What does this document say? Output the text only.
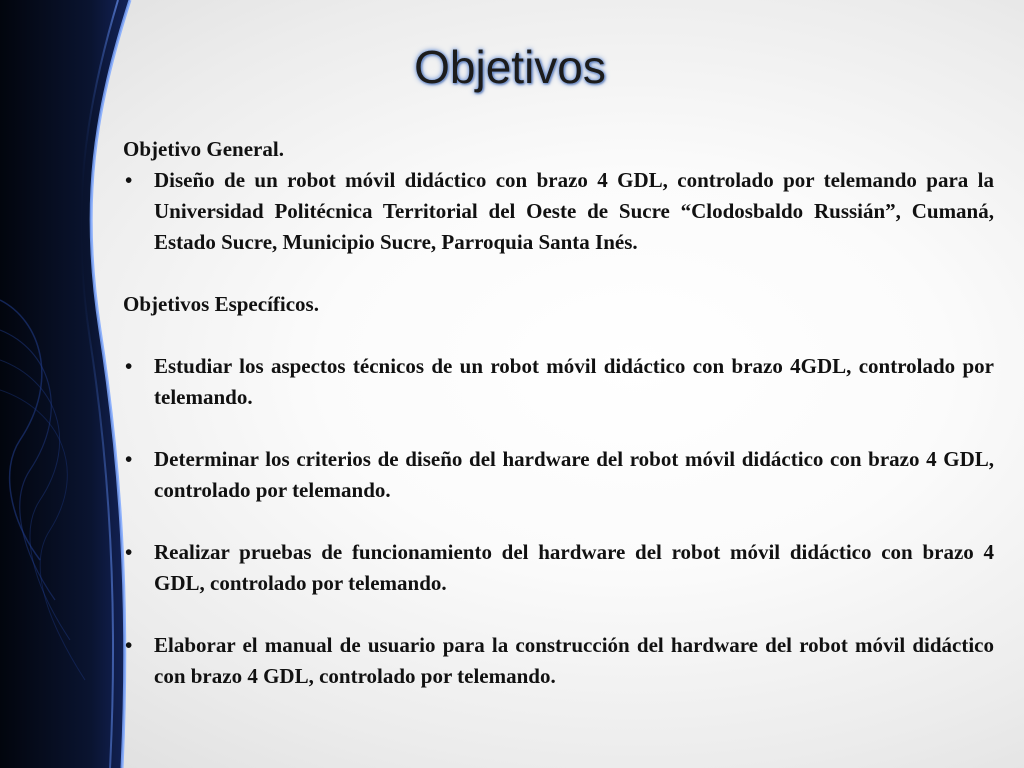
Objetivos

Objetivo General.

• Diseño de un robot móvil didáctico con brazo 4 GDL, controlado por telemando para la Universidad Politécnica Territorial del Oeste de Sucre “Clodosbaldo Russián”, Cumaná, Estado Sucre, Municipio Sucre, Parroquia Santa Inés.

Objetivos Específicos.

• Estudiar los aspectos técnicos de un robot móvil didáctico con brazo 4GDL, controlado por telemando.
• Determinar los criterios de diseño del hardware del robot móvil didáctico con brazo 4 GDL, controlado por telemando.
• Realizar pruebas de funcionamiento del hardware del robot móvil didáctico con brazo 4 GDL, controlado por telemando.
• Elaborar el manual de usuario para la construcción del hardware del robot móvil didáctico con brazo 4 GDL, controlado por telemando.
